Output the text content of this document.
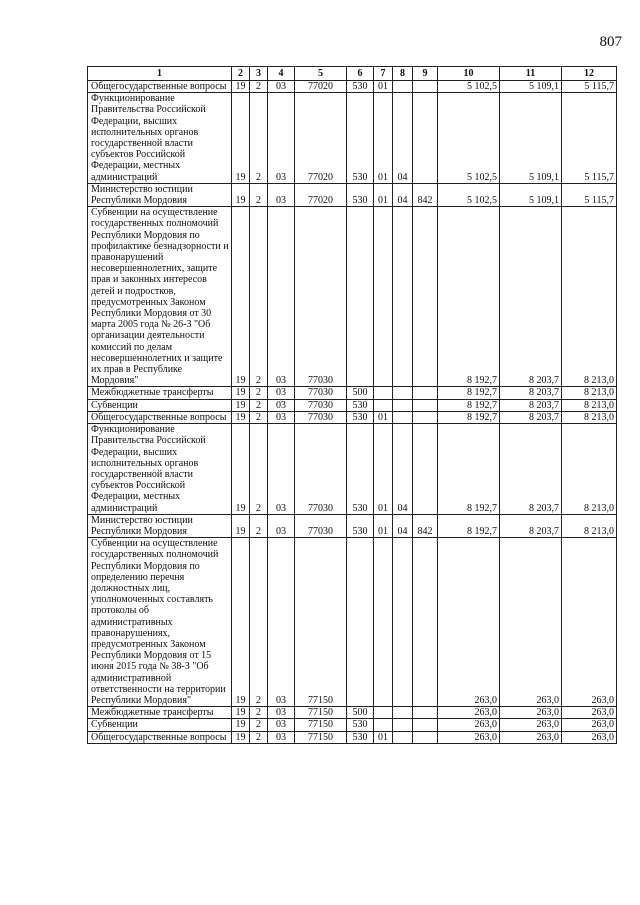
807
1	2	3	4	5	6	7	8	9	10	11	12
Общегосударственные вопросы	19	2	03	77020	530	01			5 102,5	5 109,1	5 115,7
Функционирование Правительства Российской Федерации, высших исполнительных органов государственной власти субъектов Российской Федерации, местных администраций	19	2	03	77020	530	01	04		5 102,5	5 109,1	5 115,7
Министерство юстиции Республики Мордовия	19	2	03	77020	530	01	04	842	5 102,5	5 109,1	5 115,7
Субвенции на осуществление государственных полномочий Республики Мордовия по профилактике безнадзорности и правонарушений несовершеннолетних, защите прав и законных интересов детей и подростков, предусмотренных Законом Республики Мордовия от 30 марта 2005 года № 26-З "Об организации деятельности комиссий по делам несовершеннолетних и защите их прав в Республике Мордовия"	19	2	03	77030					8 192,7	8 203,7	8 213,0
Межбюджетные трансферты	19	2	03	77030	500				8 192,7	8 203,7	8 213,0
Субвенции	19	2	03	77030	530				8 192,7	8 203,7	8 213,0
Общегосударственные вопросы	19	2	03	77030	530	01			8 192,7	8 203,7	8 213,0
Функционирование Правительства Российской Федерации, высших исполнительных органов государственной власти субъектов Российской Федерации, местных администраций	19	2	03	77030	530	01	04		8 192,7	8 203,7	8 213,0
Министерство юстиции Республики Мордовия	19	2	03	77030	530	01	04	842	8 192,7	8 203,7	8 213,0
Субвенции на осуществление государственных полномочий Республики Мордовия по определению перечня должностных лиц, уполномоченных составлять протоколы об административных правонарушениях, предусмотренных Законом Республики Мордовия от 15 июня 2015 года № 38-З "Об административной ответственности на территории Республики Мордовия"	19	2	03	77150					263,0	263,0	263,0
Межбюджетные трансферты	19	2	03	77150	500				263,0	263,0	263,0
Субвенции	19	2	03	77150	530				263,0	263,0	263,0
Общегосударственные вопросы	19	2	03	77150	530	01			263,0	263,0	263,0
